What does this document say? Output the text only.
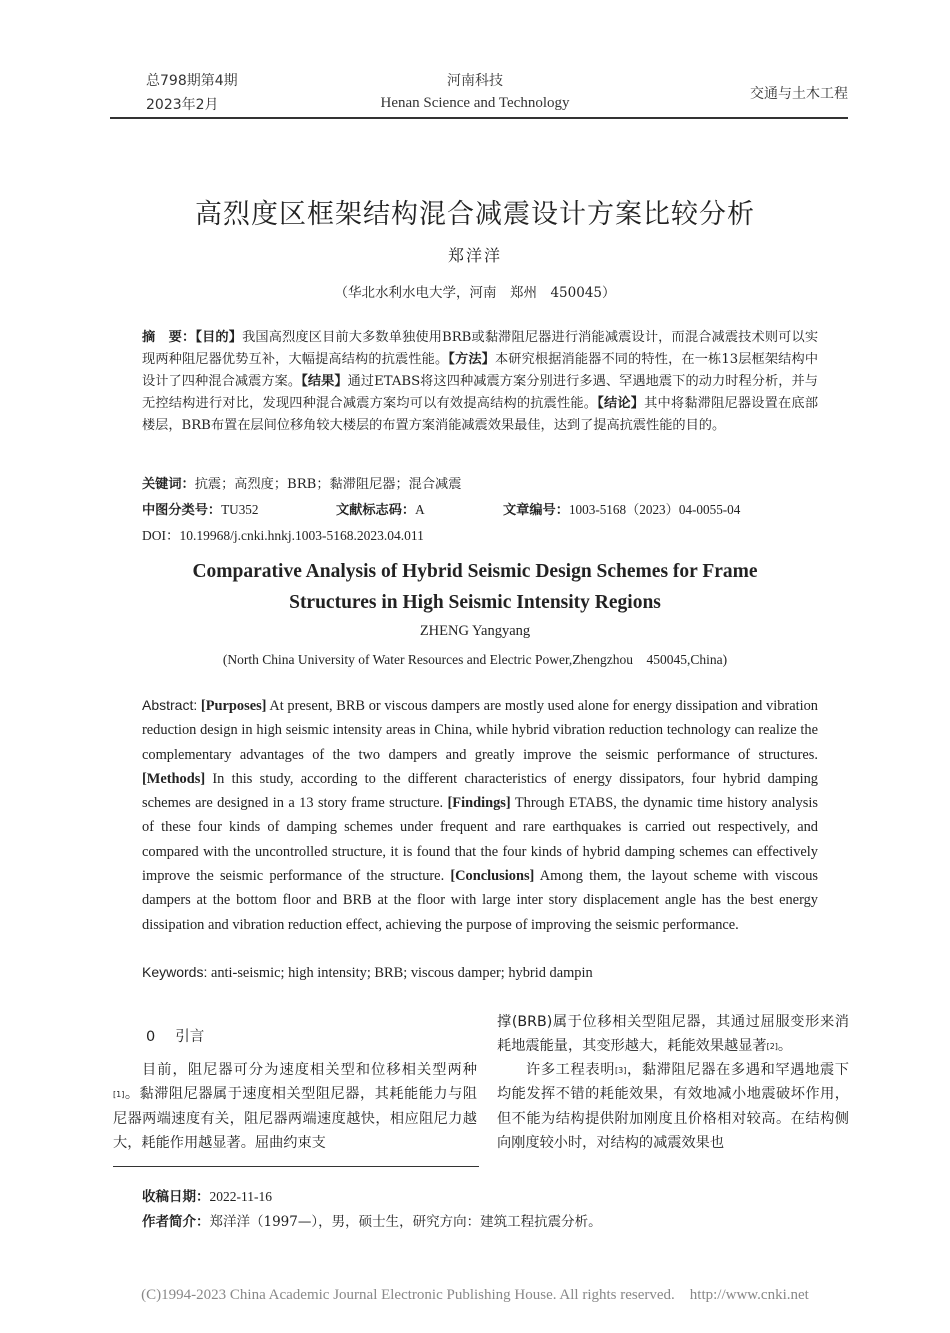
总798期第4期
2023年2月
河南科技
Henan Science and Technology
交通与土木工程
高烈度区框架结构混合减震设计方案比较分析
郑洋洋
（华北水利水电大学，河南　郑州　450045）
摘　要：【目的】我国高烈度区目前大多数单独使用BRB或黏滞阻尼器进行消能减震设计，而混合减震技术则可以实现两种阻尼器优势互补，大幅提高结构的抗震性能。【方法】本研究根据消能器不同的特性，在一栋13层框架结构中设计了四种混合减震方案。【结果】通过ETABS将这四种减震方案分别进行多遇、罕遇地震下的动力时程分析，并与无控结构进行对比，发现四种混合减震方案均可以有效提高结构的抗震性能。【结论】其中将黏滞阻尼器设置在底部楼层，BRB布置在层间位移角较大楼层的布置方案消能减震效果最佳，达到了提高抗震性能的目的。
关键词：抗震；高烈度；BRB；黏滞阻尼器；混合减震
中图分类号：TU352	文献标志码：A	文章编号：1003-5168（2023）04-0055-04
DOI：10.19968/j.cnki.hnkj.1003-5168.2023.04.011
Comparative Analysis of Hybrid Seismic Design Schemes for Frame
Structures in High Seismic Intensity Regions
ZHENG Yangyang
(North China University of Water Resources and Electric Power,Zhengzhou　450045,China)
Abstract: [Purposes] At present, BRB or viscous dampers are mostly used alone for energy dissipation and vibration reduction design in high seismic intensity areas in China, while hybrid vibration reduction technology can realize the complementary advantages of the two dampers and greatly improve the seismic performance of structures. [Methods] In this study, according to the different characteristics of energy dissipators, four hybrid damping schemes are designed in a 13 story frame structure. [Findings] Through ETABS, the dynamic time history analysis of these four kinds of damping schemes under frequent and rare earthquakes is carried out respectively, and compared with the uncontrolled structure, it is found that the four kinds of hybrid damping schemes can effectively improve the seismic performance of the structure. [Conclusions] Among them, the layout scheme with viscous dampers at the bottom floor and BRB at the floor with large inter story displacement angle has the best energy dissipation and vibration reduction effect, achieving the purpose of improving the seismic performance.
Keywords: anti-seismic; high intensity; BRB; viscous damper; hybrid dampin
0 引言
目前，阻尼器可分为速度相关型和位移相关型两种[1]。黏滞阻尼器属于速度相关型阻尼器，其耗能能力与阻尼器两端速度有关，阻尼器两端速度越快，相应阻尼力越大，耗能作用越显著。屈曲约束支
撑(BRB)属于位移相关型阻尼器，其通过屈服变形来消耗地震能量，其变形越大，耗能效果越显著[2]。
许多工程表明[3]，黏滞阻尼器在多遇和罕遇地震下均能发挥不错的耗能效果，有效地减小地震破坏作用，但不能为结构提供附加刚度且价格相对较高。在结构侧向刚度较小时，对结构的减震效果也
收稿日期：2022-11-16
作者简介：郑洋洋（1997—），男，硕士生，研究方向：建筑工程抗震分析。
(C)1994-2023 China Academic Journal Electronic Publishing House. All rights reserved.    http://www.cnki.net
